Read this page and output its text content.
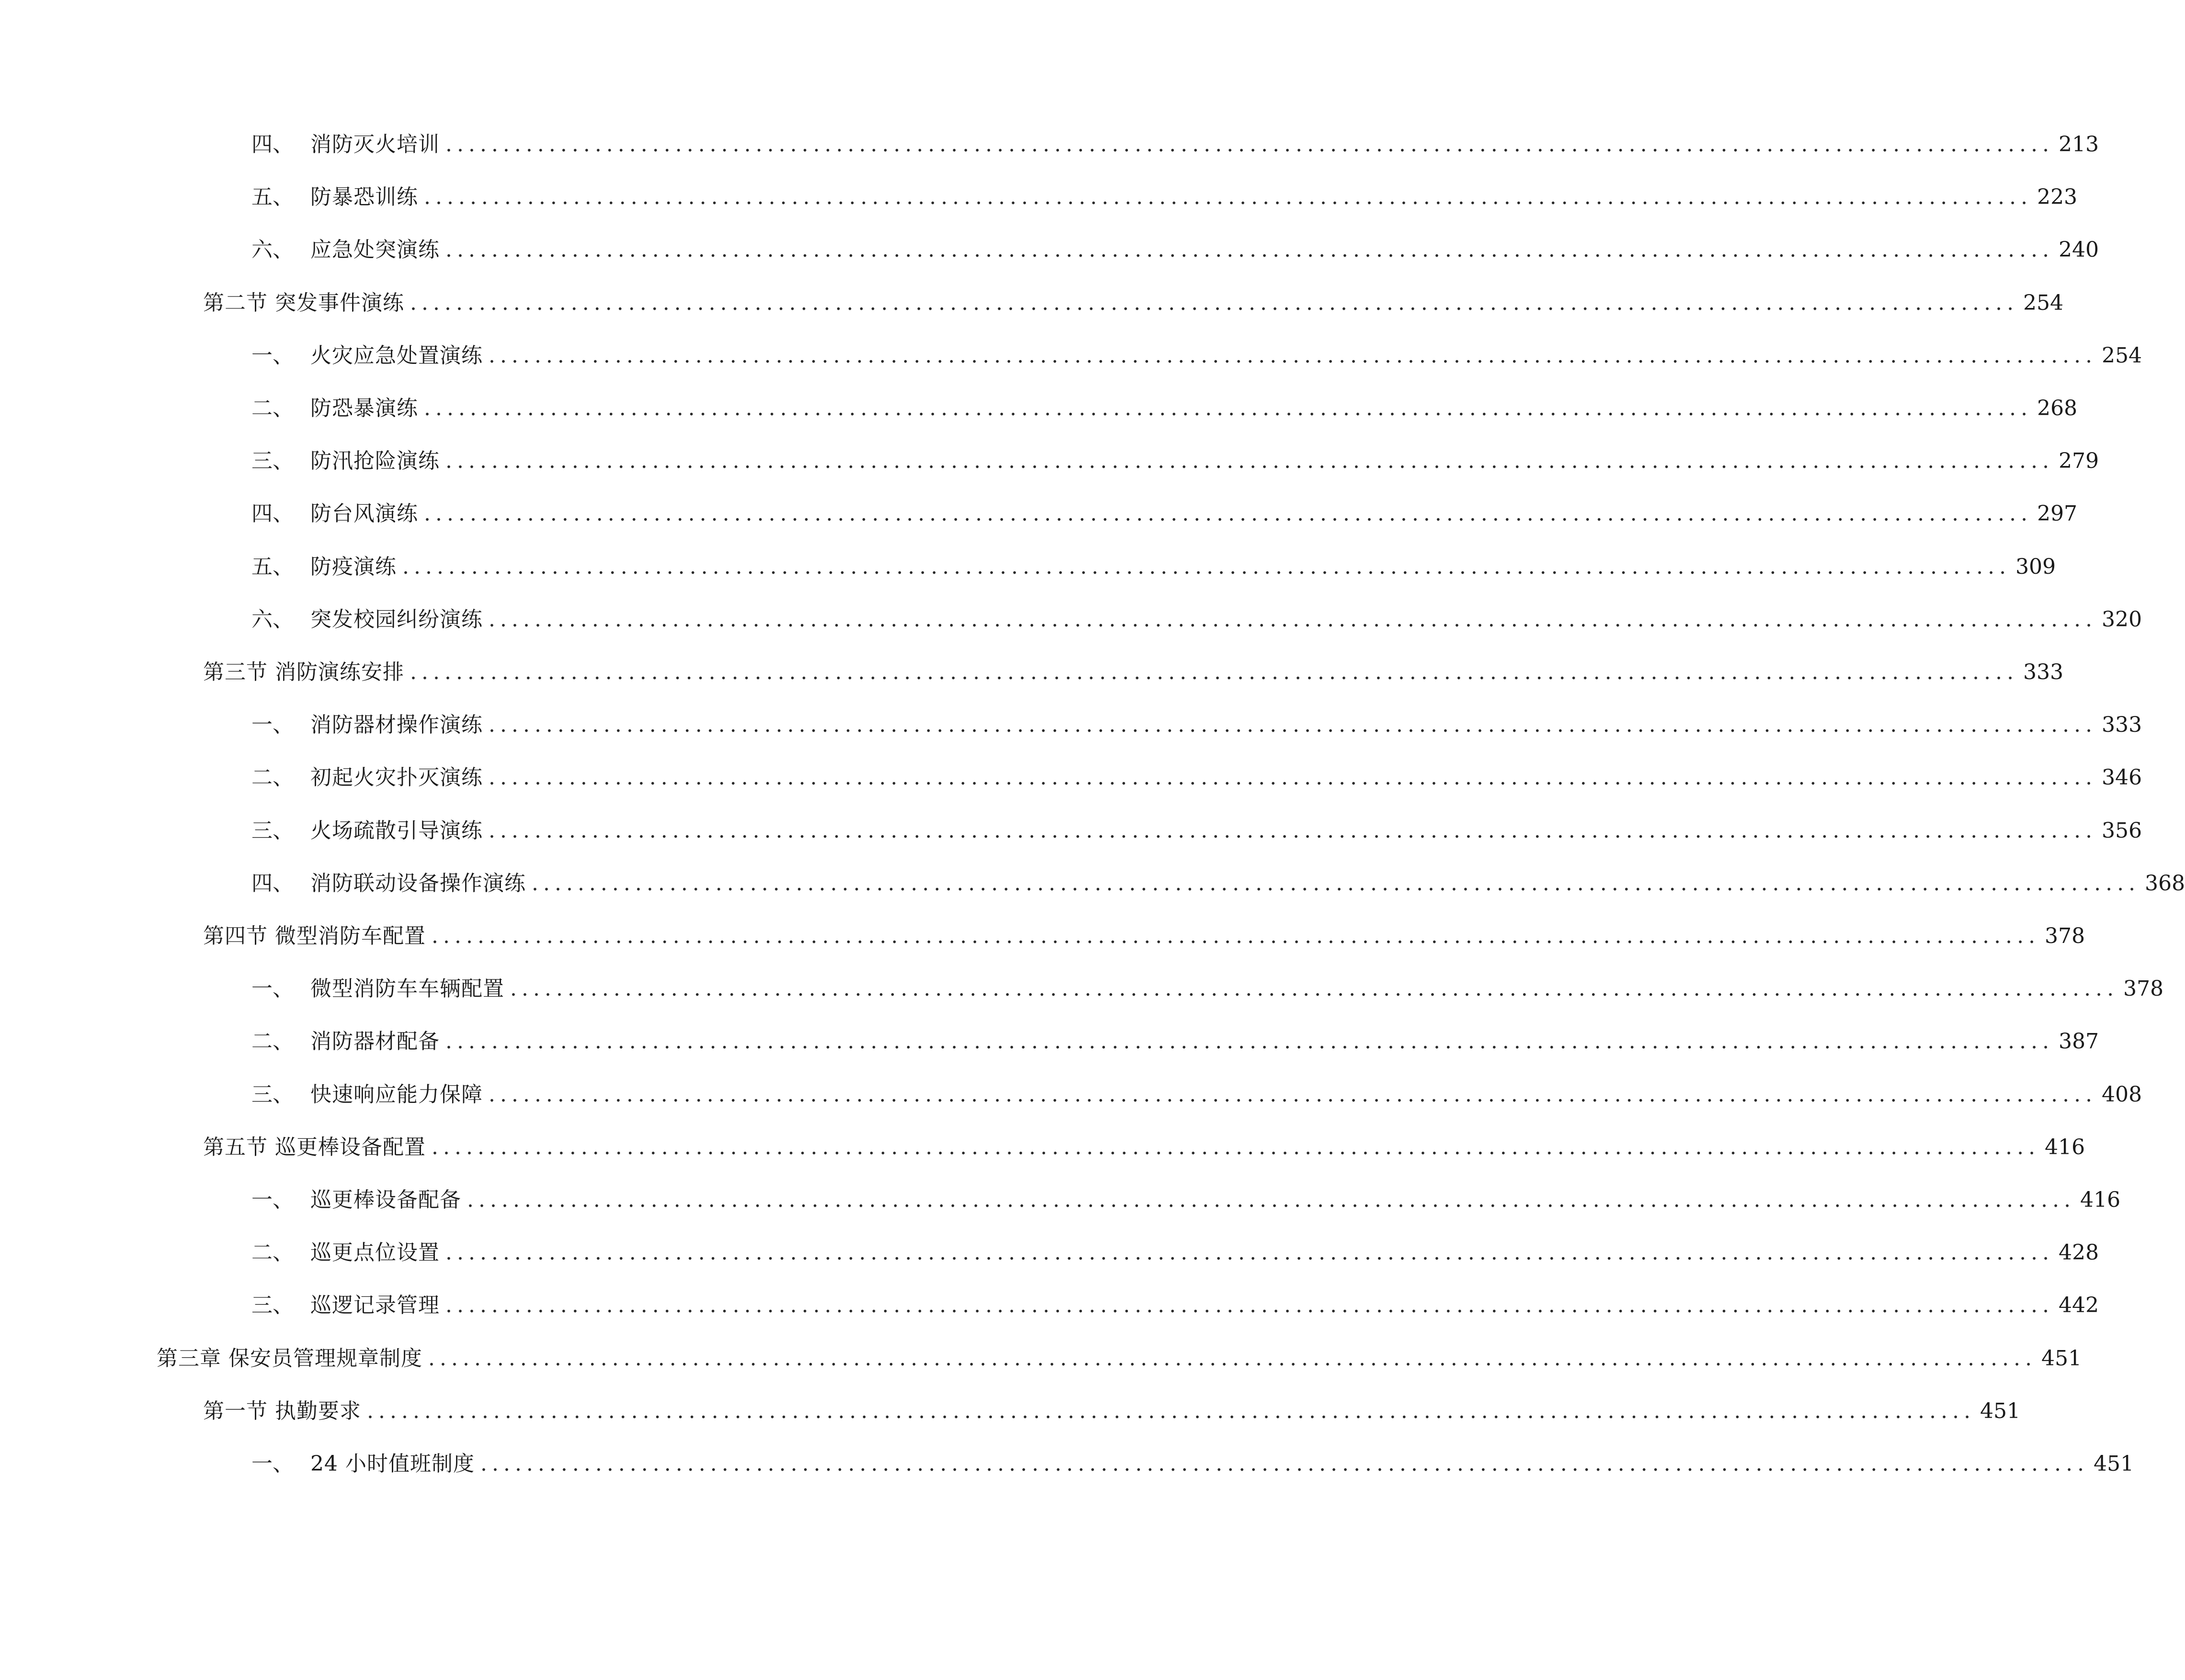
四、 消防灭火培训 ............................................................................................................................................ 213
五、 防暴恐训练 ............................................................................................................................................ 223
六、 应急处突演练 ............................................................................................................................................ 240
第二节 突发事件演练 ............................................................................................................................................ 254
一、 火灾应急处置演练 ............................................................................................................................................ 254
二、 防恐暴演练 ............................................................................................................................................ 268
三、 防汛抢险演练 ............................................................................................................................................ 279
四、 防台风演练 ............................................................................................................................................ 297
五、 防疫演练 ............................................................................................................................................ 309
六、 突发校园纠纷演练 ............................................................................................................................................ 320
第三节 消防演练安排 ............................................................................................................................................ 333
一、 消防器材操作演练 ............................................................................................................................................ 333
二、 初起火灾扑灭演练 ............................................................................................................................................ 346
三、 火场疏散引导演练 ............................................................................................................................................ 356
四、 消防联动设备操作演练 ............................................................................................................................................ 368
第四节 微型消防车配置 ............................................................................................................................................ 378
一、 微型消防车车辆配置 ............................................................................................................................................ 378
二、 消防器材配备 ............................................................................................................................................ 387
三、 快速响应能力保障 ............................................................................................................................................ 408
第五节 巡更棒设备配置 ............................................................................................................................................ 416
一、 巡更棒设备配备 ............................................................................................................................................ 416
二、 巡更点位设置 ............................................................................................................................................ 428
三、 巡逻记录管理 ............................................................................................................................................ 442
第三章 保安员管理规章制度 ............................................................................................................................................ 451
第一节 执勤要求 ............................................................................................................................................ 451
一、 24 小时值班制度 ............................................................................................................................................ 451
